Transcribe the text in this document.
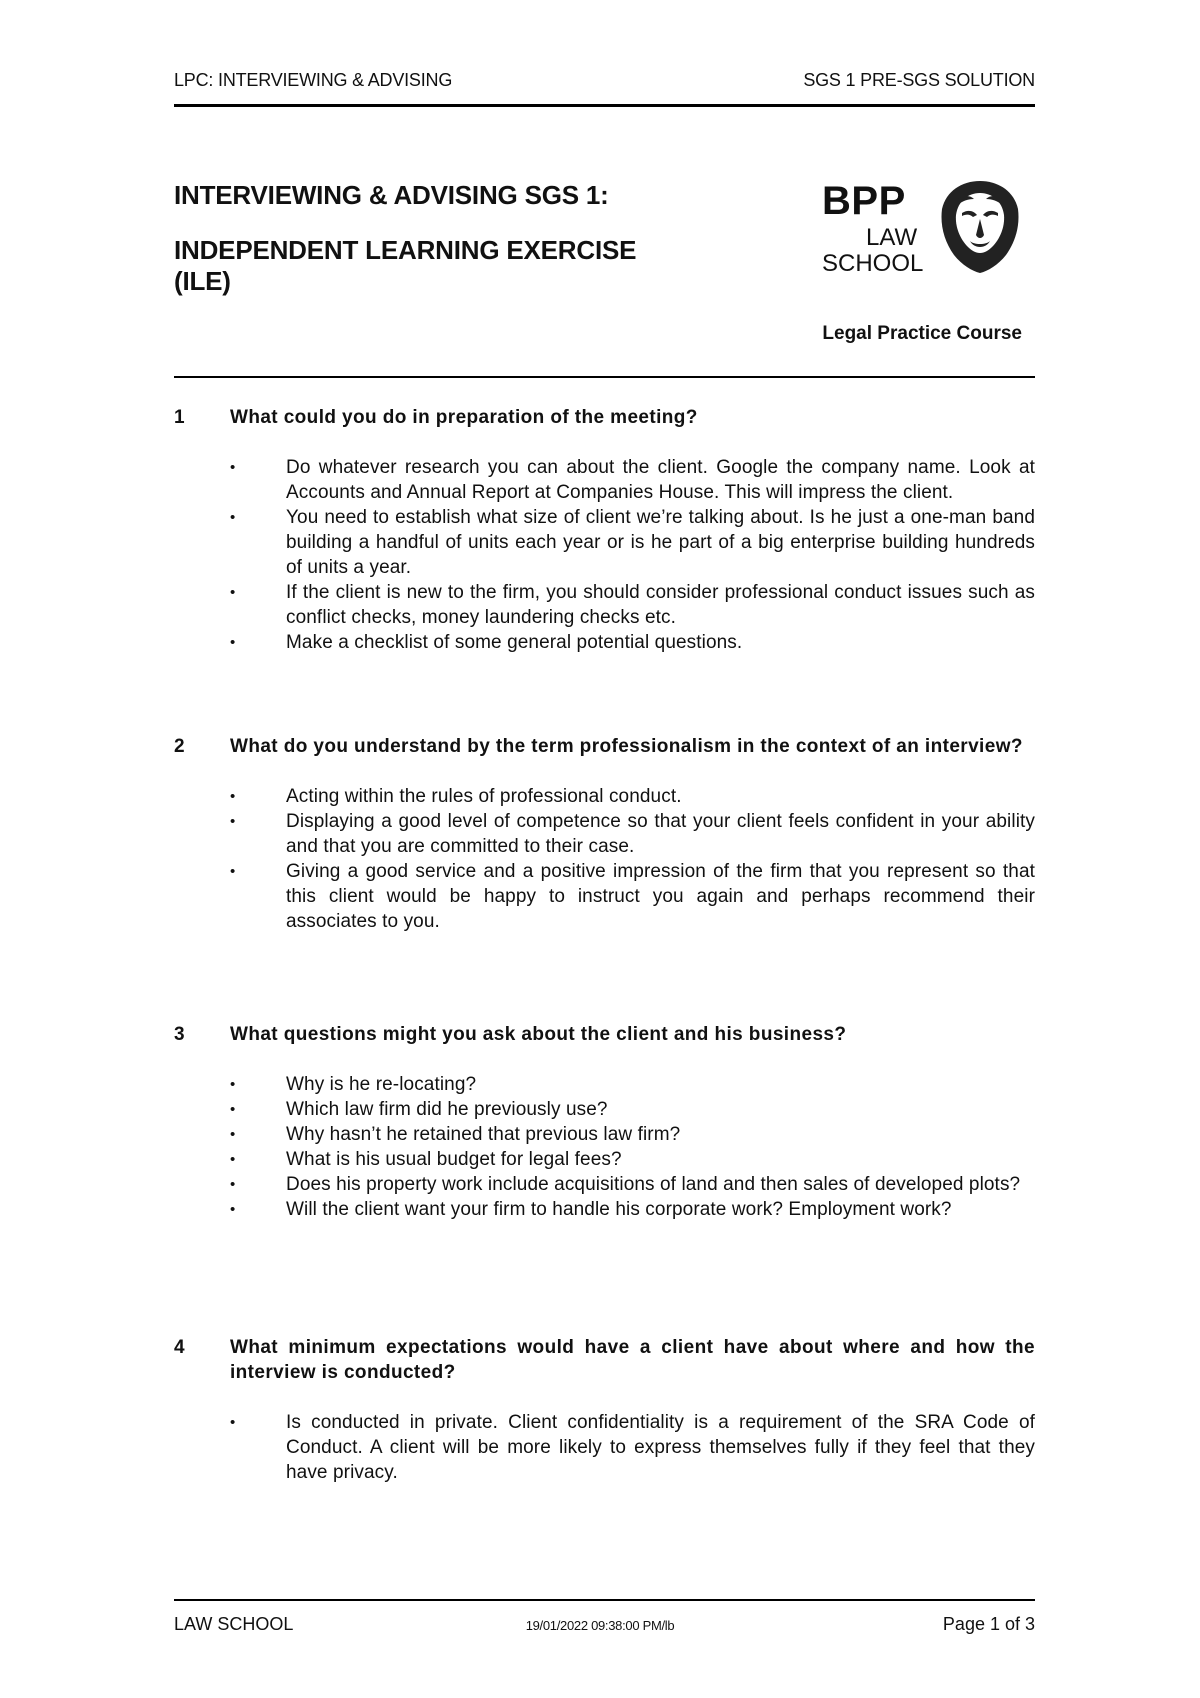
LPC: INTERVIEWING & ADVISING	SGS 1 PRE-SGS SOLUTION
INTERVIEWING & ADVISING SGS 1:
INDEPENDENT LEARNING EXERCISE
(ILE)
BPP
LAW
SCHOOL
Legal Practice Course
1	What could you do in preparation of the meeting?
•	Do whatever research you can about the client. Google the company name. Look at Accounts and Annual Report at Companies House. This will impress the client.
•	You need to establish what size of client we’re talking about. Is he just a one-man band building a handful of units each year or is he part of a big enterprise building hundreds of units a year.
•	If the client is new to the firm, you should consider professional conduct issues such as conflict checks, money laundering checks etc.
•	Make a checklist of some general potential questions.
2	What do you understand by the term professionalism in the context of an interview?
•	Acting within the rules of professional conduct.
•	Displaying a good level of competence so that your client feels confident in your ability and that you are committed to their case.
•	Giving a good service and a positive impression of the firm that you represent so that this client would be happy to instruct you again and perhaps recommend their associates to you.
3	What questions might you ask about the client and his business?
•	Why is he re-locating?
•	Which law firm did he previously use?
•	Why hasn’t he retained that previous law firm?
•	What is his usual budget for legal fees?
•	Does his property work include acquisitions of land and then sales of developed plots?
•	Will the client want your firm to handle his corporate work? Employment work?
4	What minimum expectations would have a client have about where and how the interview is conducted?
•	Is conducted in private. Client confidentiality is a requirement of the SRA Code of Conduct. A client will be more likely to express themselves fully if they feel that they have privacy.
LAW SCHOOL	19/01/2022 09:38:00 PM/lb	Page 1 of 3
